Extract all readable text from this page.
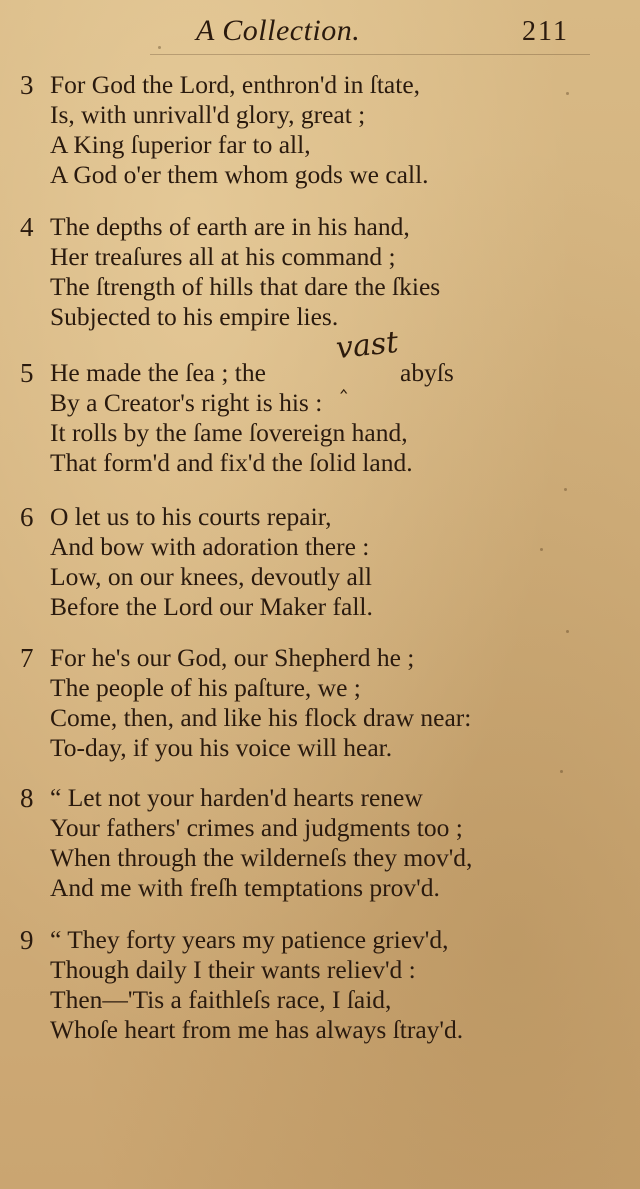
A Collection.	211
3 For God the Lord, enthron'd in ſtate,
Is, with unrivall'd glory, great ;
A King ſuperior far to all,
A God o'er them whom gods we call.
4 The depths of earth are in his hand,
Her treaſures all at his command ;
The ſtrength of hills that dare the ſkies
Subjected to his empire lies.
5 He made the ſea ; the	‸
vast
abyſs
By a Creator's right is his :
It rolls by the ſame ſovereign hand,
That form'd and fix'd the ſolid land.
6 O let us to his courts repair,
And bow with adoration there :
Low, on our knees, devoutly all
Before the Lord our Maker fall.
7 For he's our God, our Shepherd he ;
The people of his paſture, we ;
Come, then, and like his flock draw near:
To-day, if you his voice will hear.
8 “ Let not your harden'd hearts renew
Your fathers' crimes and judgments too ;
When through the wilderneſs they mov'd,
And me with freſh temptations prov'd.
9 “ They forty years my patience griev'd,
Though daily I their wants reliev'd :
Then—'Tis a faithleſs race, I ſaid,
Whoſe heart from me has always ſtray'd.
